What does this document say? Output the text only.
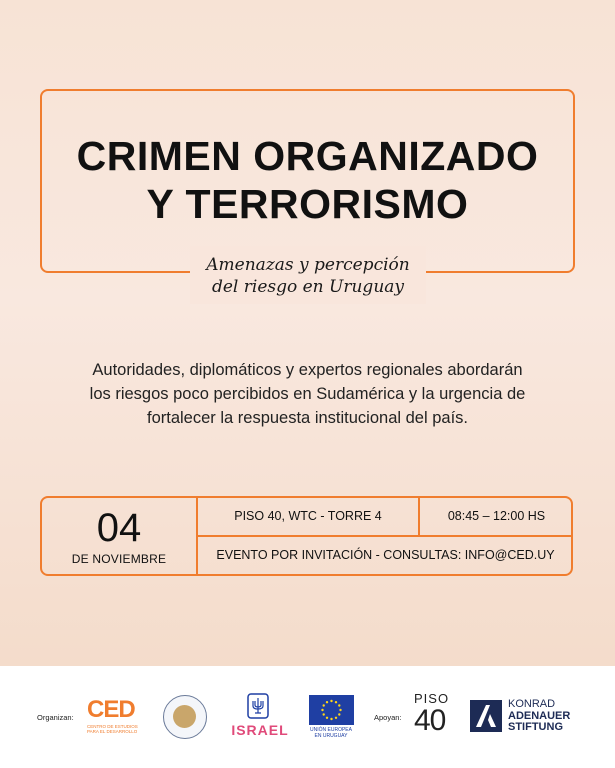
CRIMEN ORGANIZADO
Y TERRORISMO
Amenazas y percepción
del riesgo en Uruguay
Autoridades, diplomáticos y expertos regionales abordarán
los riesgos poco percibidos en Sudamérica y la urgencia de
fortalecer la respuesta institucional del país.
04
DE NOVIEMBRE
PISO 40, WTC - TORRE 4	08:45 – 12:00 HS
EVENTO POR INVITACIÓN - CONSULTAS: INFO@CED.UY
Organizan: CED
CENTRO DE ESTUDIOS
PARA EL DESARROLLO	ISRAEL	UNIÓN EUROPEA
EN URUGUAY
Apoyan:
PISO
40	KONRAD
ADENAUER
STIFTUNG
